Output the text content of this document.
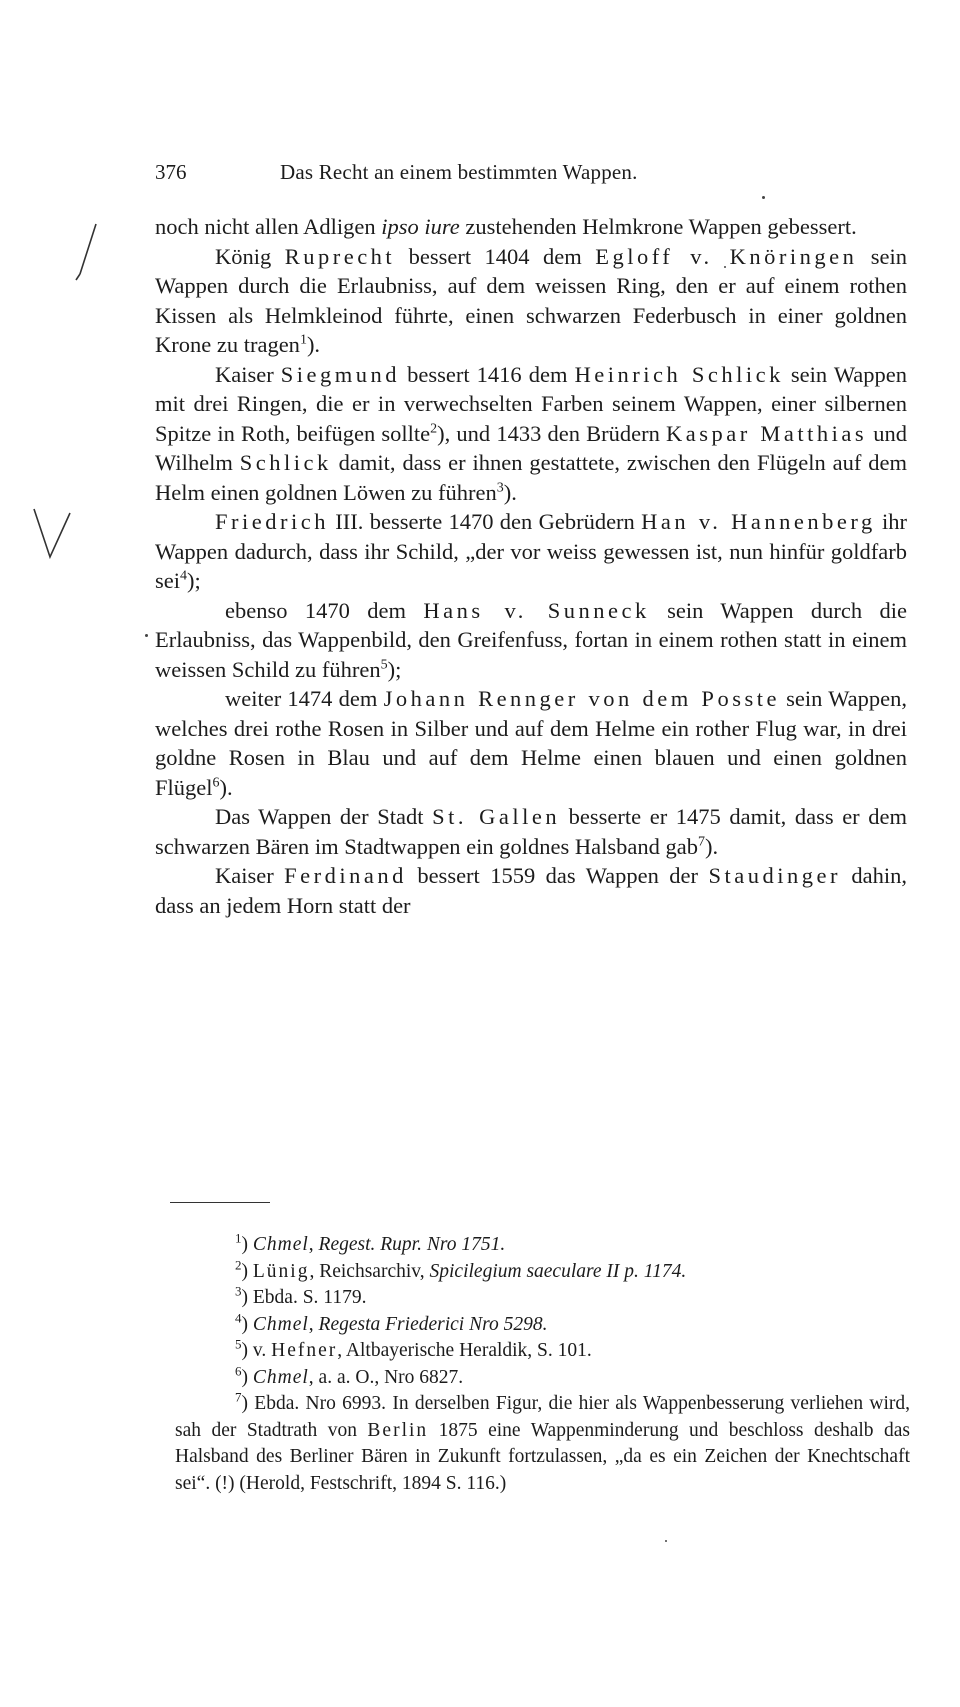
376	Das Recht an einem bestimmten Wappen.

noch nicht allen Adligen ipso iure zustehenden Helmkrone Wappen gebessert.

König Ruprecht bessert 1404 dem Egloff v. Knöringen sein Wappen durch die Erlaubniss, auf dem weissen Ring, den er auf einem rothen Kissen als Helmkleinod führte, einen schwarzen Federbusch in einer goldnen Krone zu tragen$^1$).

Kaiser Siegmund bessert 1416 dem Heinrich Schlick sein Wappen mit drei Ringen, die er in verwechselten Farben seinem Wappen, einer silbernen Spitze in Roth, beifügen sollte$^2$), und 1433 den Brüdern Kaspar Matthias und Wilhelm Schlick damit, dass er ihnen gestattete, zwischen den Flügeln auf dem Helm einen goldnen Löwen zu führen$^3$).

Friedrich III. besserte 1470 den Gebrüdern Han v. Hannenberg ihr Wappen dadurch, dass ihr Schild, „der vor weiss gewessen ist, nun hinfür goldfarb sei$^4$);

ebenso 1470 dem Hans v. Sunneck sein Wappen durch die Erlaubniss, das Wappenbild, den Greifenfuss, fortan in einem rothen statt in einem weissen Schild zu führen$^5$);

weiter 1474 dem Johann Rennger von dem Posste sein Wappen, welches drei rothe Rosen in Silber und auf dem Helme ein rother Flug war, in drei goldne Rosen in Blau und auf dem Helme einen blauen und einen goldnen Flügel$^6$).

Das Wappen der Stadt St. Gallen besserte er 1475 damit, dass er dem schwarzen Bären im Stadtwappen ein goldnes Halsband gab$^7$).

Kaiser Ferdinand bessert 1559 das Wappen der Staudinger dahin, dass an jedem Horn statt der

$^1$) Chmel, Regest. Rupr. Nro 1751.

$^2$) Lünig, Reichsarchiv, Spicilegium saeculare II p. 1174.

$^3$) Ebda. S. 1179.

$^4$) Chmel, Regesta Friederici Nro 5298.

$^5$) v. Hefner, Altbayerische Heraldik, S. 101.

$^6$) Chmel, a. a. O., Nro 6827.

$^7$) Ebda. Nro 6993. In derselben Figur, die hier als Wappenbesserung verliehen wird, sah der Stadtrath von Berlin 1875 eine Wappenminderung und beschloss deshalb das Halsband des Berliner Bären in Zukunft fortzulassen, „da es ein Zeichen der Knechtschaft sei“. (!) (Herold, Festschrift, 1894 S. 116.)
